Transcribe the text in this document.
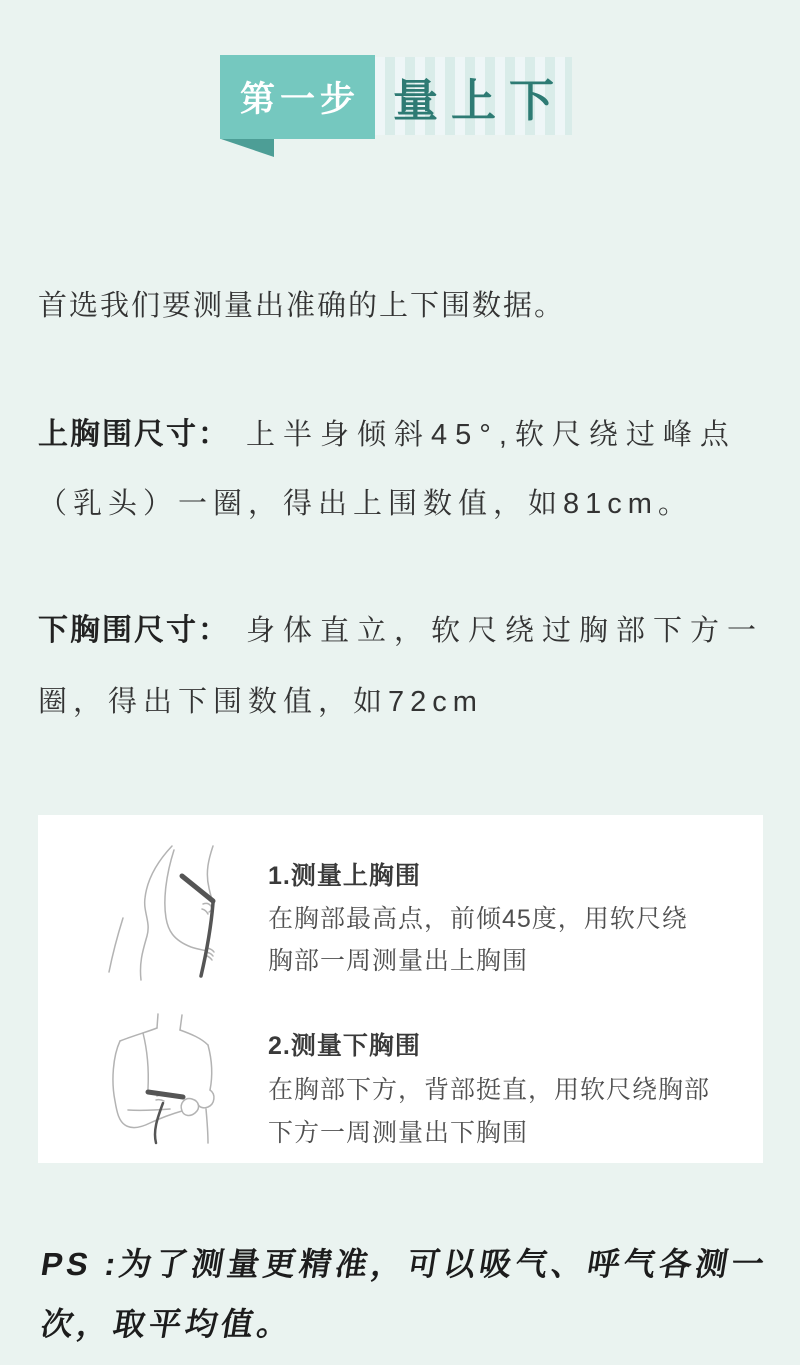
第一步 量上下
首选我们要测量出准确的上下围数据。
上胸围尺寸： 上半身倾斜45°,软尺绕过峰点
（乳头）一圈，得出上围数值，如81cm。
下胸围尺寸： 身体直立，软尺绕过胸部下方一
圈，得出下围数值，如72cm
1.测量上胸围
在胸部最高点，前倾45度，用软尺绕
胸部一周测量出上胸围
2.测量下胸围
在胸部下方，背部挺直，用软尺绕胸部
下方一周测量出下胸围
PS :为了测量更精准，可以吸气、呼气各测一
次，取平均值。
